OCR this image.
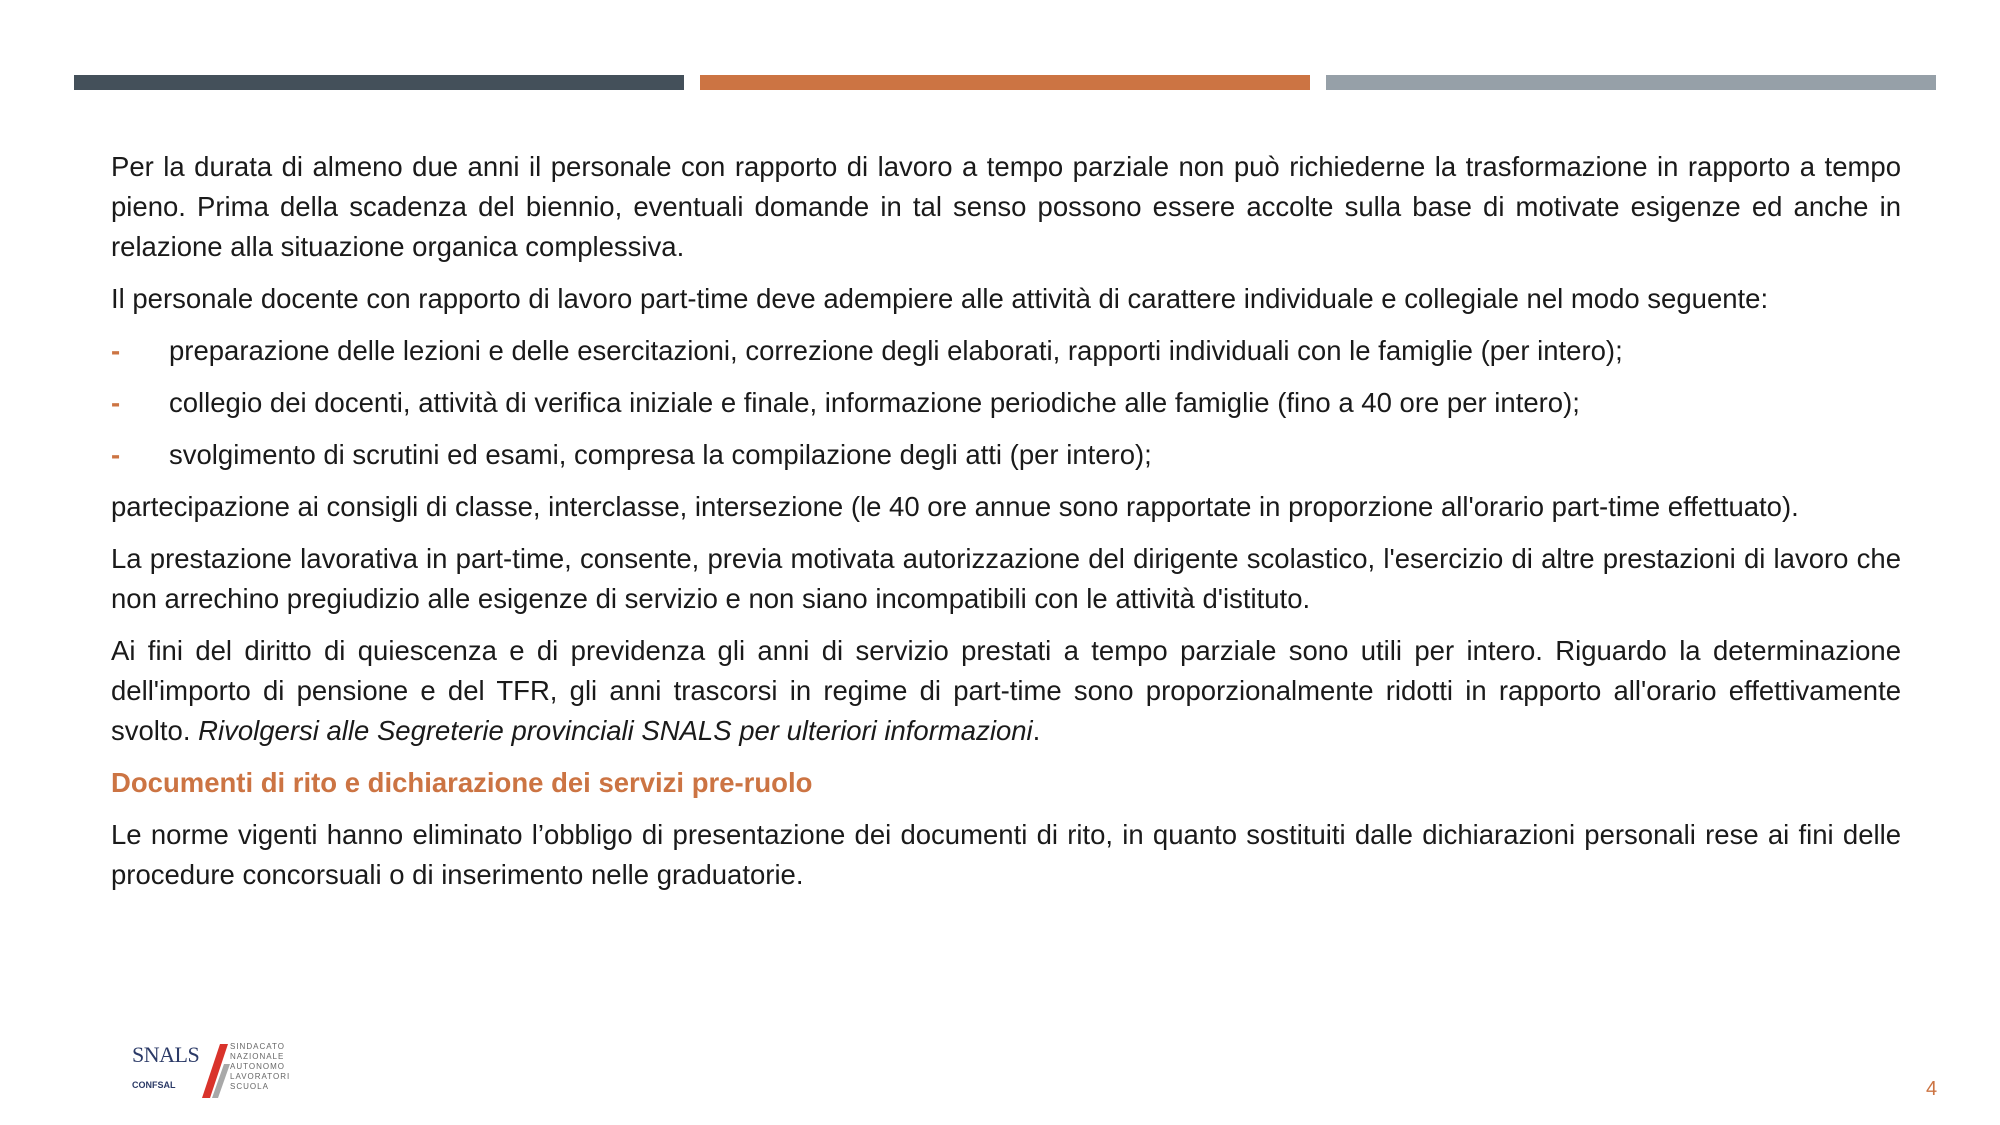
Per la durata di almeno due anni il personale con rapporto di lavoro a tempo parziale non può richiederne la trasformazione in rapporto a tempo pieno. Prima della scadenza del biennio, eventuali domande in tal senso possono essere accolte sulla base di motivate esigenze ed anche in relazione alla situazione organica complessiva.

Il personale docente con rapporto di lavoro part-time deve adempiere alle attività di carattere individuale e collegiale nel modo seguente:

- preparazione delle lezioni e delle esercitazioni, correzione degli elaborati, rapporti individuali con le famiglie (per intero);
- collegio dei docenti, attività di verifica iniziale e finale, informazione periodiche alle famiglie (fino a 40 ore per intero);
- svolgimento di scrutini ed esami, compresa la compilazione degli atti (per intero);

partecipazione ai consigli di classe, interclasse, intersezione (le 40 ore annue sono rapportate in proporzione all'orario part-time effettuato).

La prestazione lavorativa in part-time, consente, previa motivata autorizzazione del dirigente scolastico, l'esercizio di altre prestazioni di lavoro che non arrechino pregiudizio alle esigenze di servizio e non siano incompatibili con le attività d'istituto.

Ai fini del diritto di quiescenza e di previdenza gli anni di servizio prestati a tempo parziale sono utili per intero. Riguardo la determinazione dell'importo di pensione e del TFR, gli anni trascorsi in regime di part-time sono proporzionalmente ridotti in rapporto all'orario effettivamente svolto. Rivolgersi alle Segreterie provinciali SNALS per ulteriori informazioni.

Documenti di rito e dichiarazione dei servizi pre-ruolo

Le norme vigenti hanno eliminato l’obbligo di presentazione dei documenti di rito, in quanto sostituiti dalle dichiarazioni personali rese ai fini delle procedure concorsuali o di inserimento nelle graduatorie.

SNALS
CONFSAL
SINDACATO
NAZIONALE
AUTONOMO
LAVORATORI
SCUOLA	4
